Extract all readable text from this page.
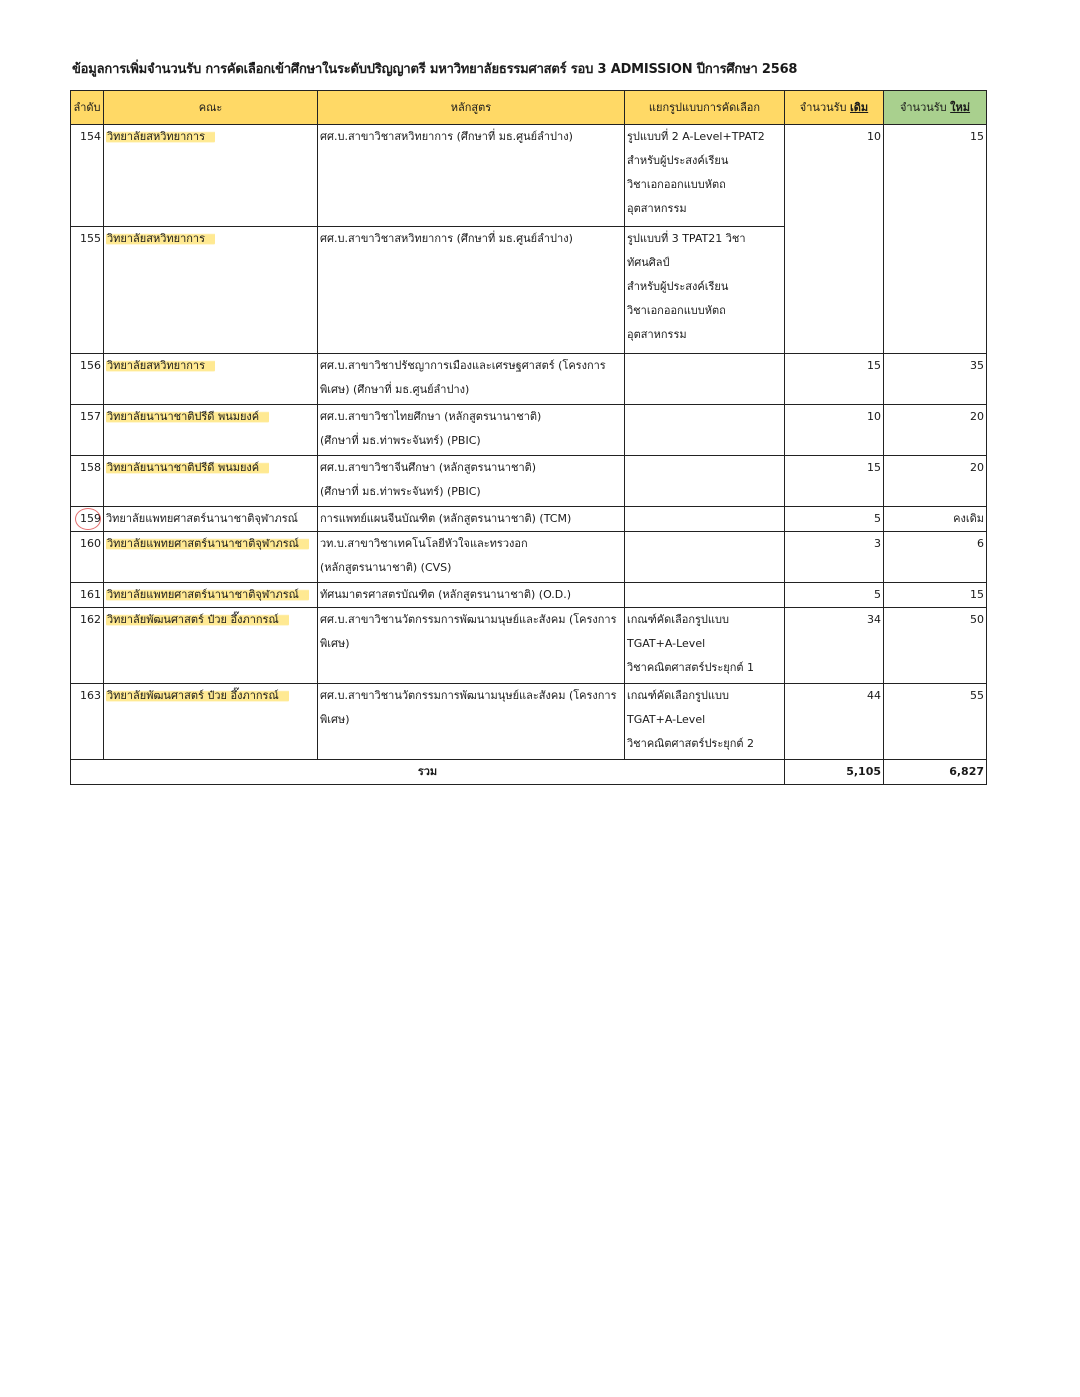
ข้อมูลการเพิ่มจำนวนรับ การคัดเลือกเข้าศึกษาในระดับปริญญาตรี มหาวิทยาลัยธรรมศาสตร์ รอบ 3 ADMISSION ปีการศึกษา 2568
ลำดับ	คณะ	หลักสูตร	แยกรูปแบบการคัดเลือก	จำนวนรับ เดิม	จำนวนรับ ใหม่
154	วิทยาลัยสหวิทยาการ	ศศ.บ.สาขาวิชาสหวิทยาการ (ศึกษาที่ มธ.ศูนย์ลำปาง)	รูปแบบที่ 2 A-Level+TPAT2
สำหรับผู้ประสงค์เรียน
วิชาเอกออกแบบหัตถ
อุตสาหกรรม	10	15
155	วิทยาลัยสหวิทยาการ	ศศ.บ.สาขาวิชาสหวิทยาการ (ศึกษาที่ มธ.ศูนย์ลำปาง)	รูปแบบที่ 3 TPAT21 วิชา
ทัศนศิลป์
สำหรับผู้ประสงค์เรียน
วิชาเอกออกแบบหัตถ
อุตสาหกรรม		

156	วิทยาลัยสหวิทยาการ	ศศ.บ.สาขาวิชาปรัชญาการเมืองและเศรษฐศาสตร์ (โครงการ
พิเศษ) (ศึกษาที่ มธ.ศูนย์ลำปาง)		15	35
157	วิทยาลัยนานาชาติปรีดี พนมยงค์	ศศ.บ.สาขาวิชาไทยศึกษา (หลักสูตรนานาชาติ)
(ศึกษาที่ มธ.ท่าพระจันทร์) (PBIC)		10	20
158	วิทยาลัยนานาชาติปรีดี พนมยงค์	ศศ.บ.สาขาวิชาจีนศึกษา (หลักสูตรนานาชาติ)
(ศึกษาที่ มธ.ท่าพระจันทร์) (PBIC)		15	20
159	วิทยาลัยแพทยศาสตร์นานาชาติจุฬาภรณ์	การแพทย์แผนจีนบัณฑิต (หลักสูตรนานาชาติ) (TCM)		5	คงเดิม
160	วิทยาลัยแพทยศาสตร์นานาชาติจุฬาภรณ์	วท.บ.สาขาวิชาเทคโนโลยีหัวใจและทรวงอก
(หลักสูตรนานาชาติ) (CVS)		3	6
161	วิทยาลัยแพทยศาสตร์นานาชาติจุฬาภรณ์	ทัศนมาตรศาสตรบัณฑิต (หลักสูตรนานาชาติ) (O.D.)		5	15
162	วิทยาลัยพัฒนศาสตร์ ป๋วย อึ๊งภากรณ์	ศศ.บ.สาขาวิชานวัตกรรมการพัฒนามนุษย์และสังคม (โครงการ
พิเศษ)	เกณฑ์คัดเลือกรูปแบบ
TGAT+A-Level
วิชาคณิตศาสตร์ประยุกต์ 1	34	50
163	วิทยาลัยพัฒนศาสตร์ ป๋วย อึ๊งภากรณ์	ศศ.บ.สาขาวิชานวัตกรรมการพัฒนามนุษย์และสังคม (โครงการ
พิเศษ)	เกณฑ์คัดเลือกรูปแบบ
TGAT+A-Level
วิชาคณิตศาสตร์ประยุกต์ 2	44	55
รวม				5,105	6,827
